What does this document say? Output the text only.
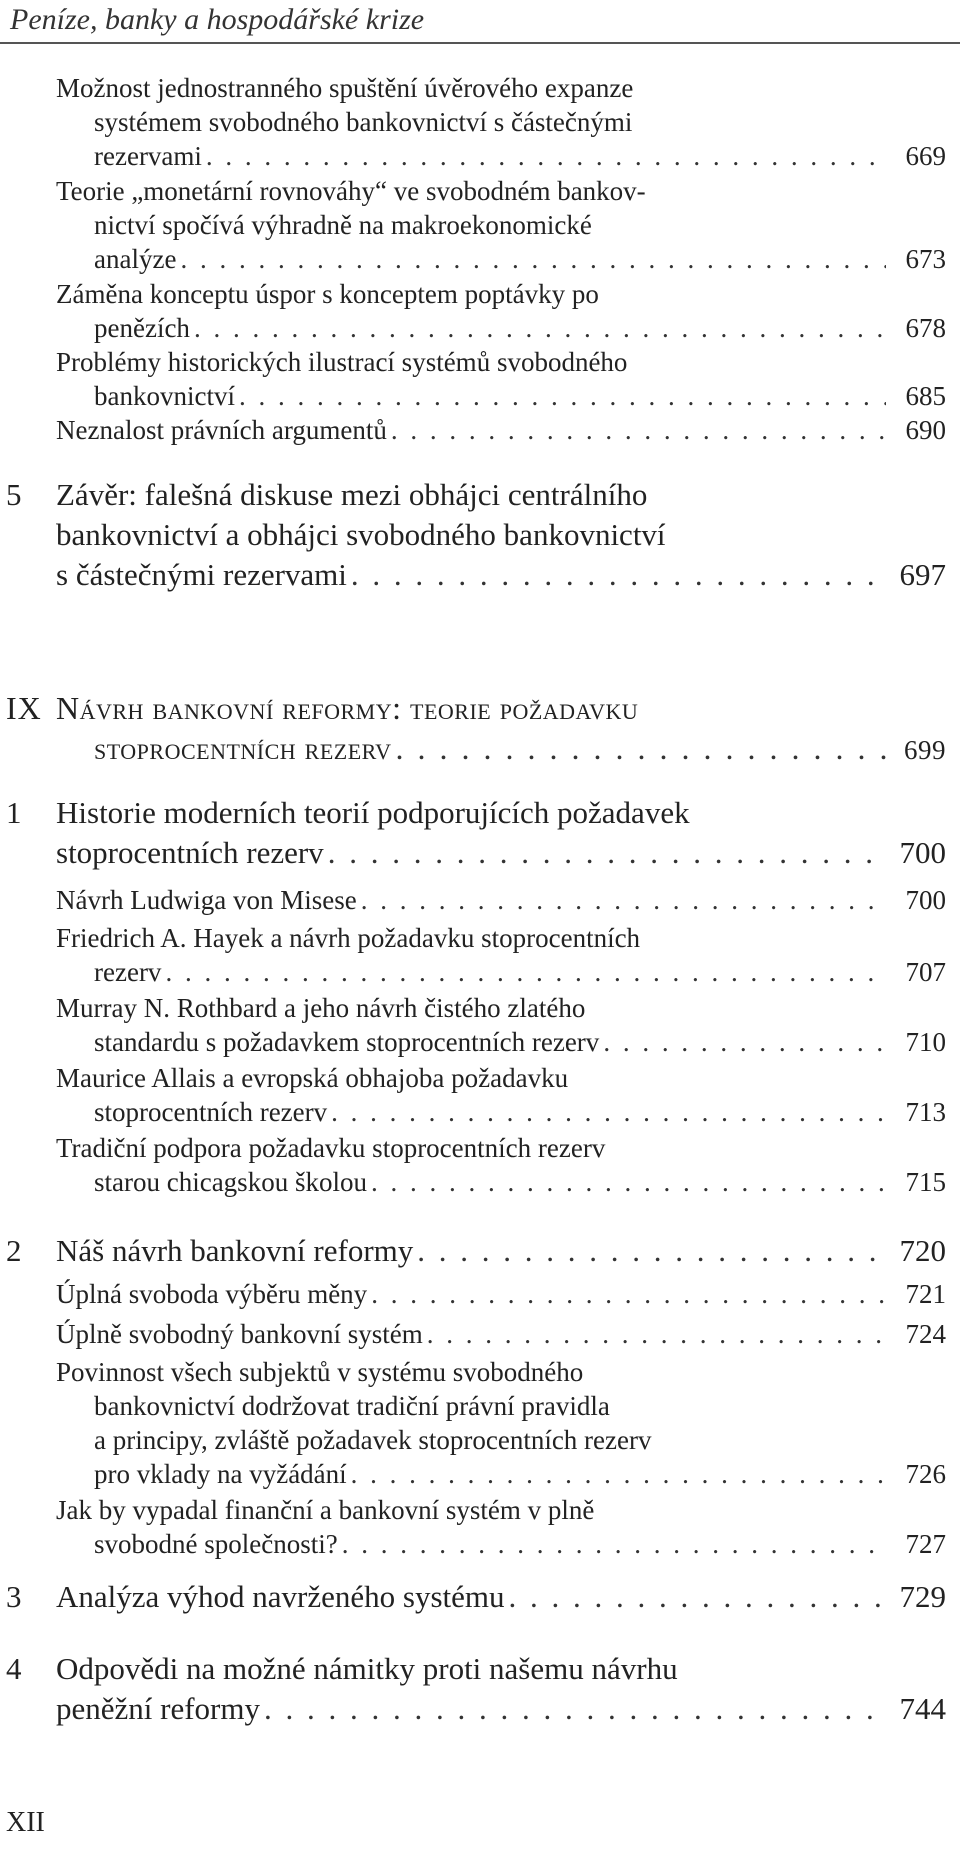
Peníze, banky a hospodářské krize
Možnost jednostranného spuštění úvěrového expanze
systémem svobodného bankovnictví s částečnými
rezervami . . .	669
Teorie „monetární rovnováhy“ ve svobodném bankov-
nictví spočívá výhradně na makroekonomické
analýze . . .	673
Záměna konceptu úspor s konceptem poptávky po
penězích . . .	678
Problémy historických ilustrací systémů svobodného
bankovnictví . . .	685
Neznalost právních argumentů . . .	690
5 Závěr: falešná diskuse mezi obhájci centrálního
bankovnictví a obhájci svobodného bankovnictví
s částečnými rezervami . . .	697
IX Návrh bankovní reformy: teorie požadavku
stoprocentních rezerv . . .	699
1 Historie moderních teorií podporujících požadavek
stoprocentních rezerv . . .	700
Návrh Ludwiga von Misese . . .	700
Friedrich A. Hayek a návrh požadavku stoprocentních
rezerv . . .	707
Murray N. Rothbard a jeho návrh čistého zlatého
standardu s požadavkem stoprocentních rezerv . . .	710
Maurice Allais a evropská obhajoba požadavku
stoprocentních rezerv . . .	713
Tradiční podpora požadavku stoprocentních rezerv
starou chicagskou školou . . .	715
2 Náš návrh bankovní reformy . . .	720
Úplná svoboda výběru měny . . .	721
Úplně svobodný bankovní systém . . .	724
Povinnost všech subjektů v systému svobodného
bankovnictví dodržovat tradiční právní pravidla
a principy, zvláště požadavek stoprocentních rezerv
pro vklady na vyžádání . . .	726
Jak by vypadal finanční a bankovní systém v plně
svobodné společnosti? . . .	727
3 Analýza výhod navrženého systému . . .	729
4 Odpovědi na možné námitky proti našemu návrhu
peněžní reformy . . .	744
XII
